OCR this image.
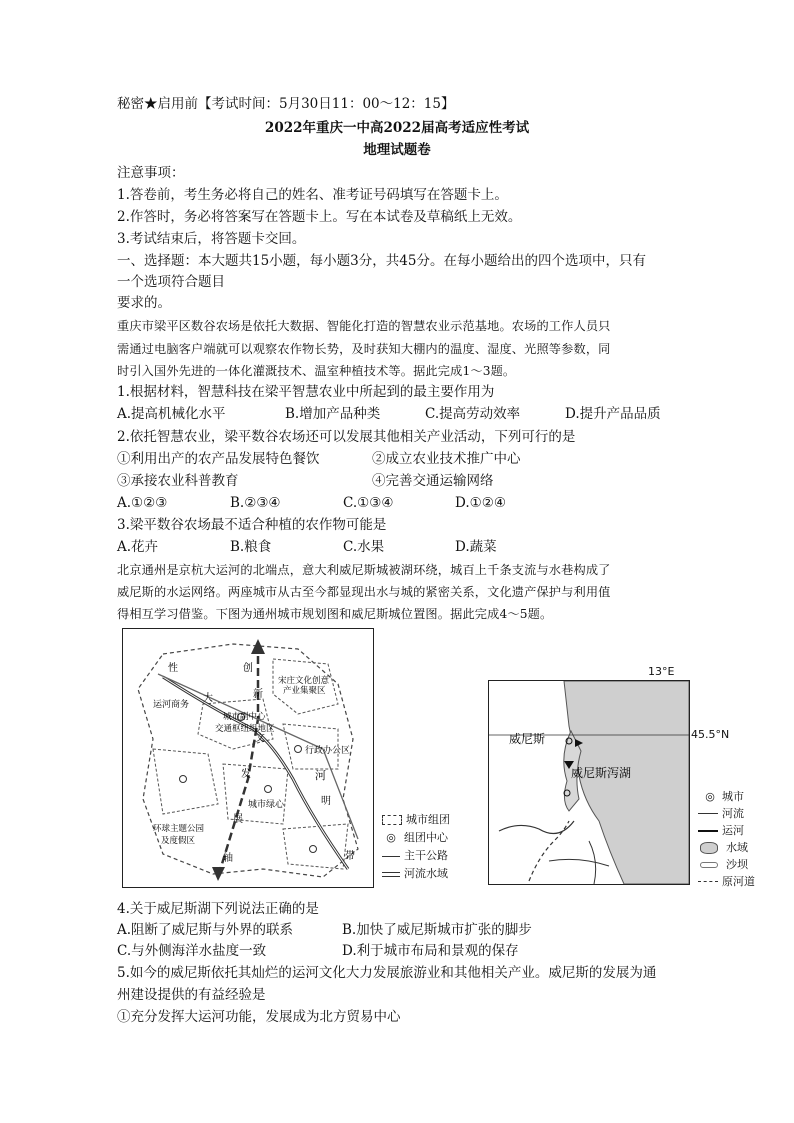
秘密★启用前【考试时间：5月30日11：00～12：15】
2022年重庆一中高2022届高考适应性考试
地理试题卷
注意事项：
1.答卷前，考生务必将自己的姓名、准考证号码填写在答题卡上。
2.作答时，务必将答案写在答题卡上。写在本试卷及草稿纸上无效。
3.考试结束后，将答题卡交回。
一、选择题：本大题共15小题，每小题3分，共45分。在每小题给出的四个选项中，只有
一个选项符合题目
要求的。
重庆市梁平区数谷农场是依托大数据、智能化打造的智慧农业示范基地。农场的工作人员只
需通过电脑客户端就可以观察农作物长势，及时获知大棚内的温度、湿度、光照等参数，同
时引入国外先进的一体化灌溉技术、温室种植技术等。据此完成1～3题。
1.根据材料，智慧科技在梁平智慧农业中所起到的最主要作用为
A.提高机械化水平	B.增加产品种类	C.提高劳动效率	D.提升产品品质
2.依托智慧农业，梁平数谷农场还可以发展其他相关产业活动，下列可行的是
①利用出产的农产品发展特色餐饮	②成立农业技术推广中心
③承接农业科普教育	④完善交通运输网络
A.①②③	B.②③④	C.①③④	D.①②④
3.梁平数谷农场最不适合种植的农作物可能是
A.花卉	B.粮食	C.水果	D.蔬菜
北京通州是京杭大运河的北端点，意大利威尼斯城被湖环绕，城百上千条支流与水巷构成了
威尼斯的水运网络。两座城市从古至今都显现出水与城的紧密关系，文化遗产保护与利用值
得相互学习借鉴。下图为通州城市规划图和威尼斯城位置图。据此完成4～5题。
性	创
新
宋庄文化创意
产业集聚区
大
运河商务
城市副中心
交通枢纽组地区
行政办公区
文
发	河
明
城市绿心
展
环球主题公园
及度假区
轴	带
城市组团
◎ 组团中心
主干公路
河流水域
威尼斯
威尼斯泻湖
13°E
45.5°N
◎ 城市
河流
运河
水域
沙坝
原河道
4.关于威尼斯湖下列说法正确的是
A.阻断了威尼斯与外界的联系	B.加快了威尼斯城市扩张的脚步
C.与外侧海洋水盐度一致	D.利于城市布局和景观的保存
5.如今的威尼斯依托其灿烂的运河文化大力发展旅游业和其他相关产业。威尼斯的发展为通
州建设提供的有益经验是
①充分发挥大运河功能，发展成为北方贸易中心
